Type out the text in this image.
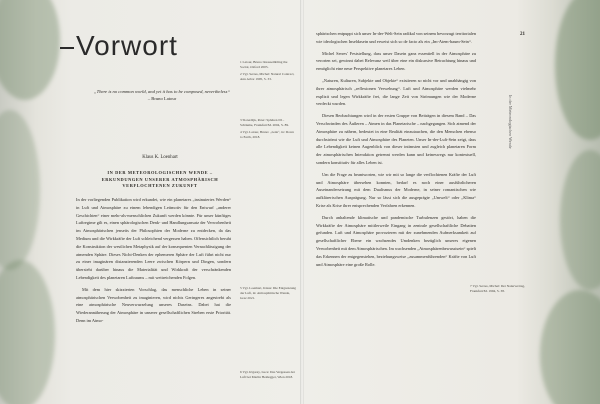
Vorwort
„There is no common world, and yet it has to be composed, nevertheless“
– Bruno Latour
Klaus K. Loenhart
IN DER METEOROLOGISCHEN WENDE – ERKUNDUNGEN UNSERER ATMOSPHÄRISCH VERFLOCHTENEN ZUKUNFT

In der vorliegenden Publikation wird erkundet, wie ein planetares „insinuiertes Werden“ in Luft und Atmosphäre zu einem lebendigen Leitmotiv für den Entwurf „anderer Geschichten“ einer mehr-als-menschlichen Zukunft werden könnte. Für unser künftiges Luftregime gilt es, einen sphärologischen Denk- und Handlungsansatz der Verwobenheit im Atmosphärischen jenseits der Philosophien der Moderne zu entdecken, da das Medium und die Wirkkräfte der Luft schleichend vergessen haben. Offensichtlich beruht die Konstruktion der westlichen Metaphysik auf der konsequenten Vernachlässigung der atmenden Sphäre. Dieses Nicht-Denken der ephemeren Sphäre der Luft führt nicht nur zu einer imaginären distanzierenden Leere zwischen Körpern und Dingen, sondern übersieht darüber hinaus die Materialität und Wirkkraft der verschränkenden Lebendigkeit des planetaren Luftraums – mit weitreichenden Folgen.

Mit dem hier skizzierten Vorschlag, das menschliche Leben in seiner atmosphärischen Verwobenheit zu imaginieren, wird nichts Geringeres angestrebt als eine atmosphärische Neuverwurzelung unseres Daseins. Dabei hat die Wiederannäherung der Atmosphäre in unserer gesellschaftlichen Streben erste Priorität. Denn im Atmo-

1 Latour, Bruno: Reassembling the Social, Oxford 2005.
2 Vgl. Serres, Michel: Natural Contract, Ann Arbor 1995, S. 33.
3 Sloterdijk, Peter: Sphären III – Schäume, Frankfurt/M. 2004, S. 89.
4 Vgl. Latour, Bruno: „Gaïa“, in: Down to Earth, 2018.
5 Vgl. Loenhart, Klaus: Die Entgrenzung der Luft, in: Atmosphärische Wende, Graz 2021.
6 Vgl. Irigaray, Luce: Das Vergessen der Luft bei Martin Heidegger, Wien 2018.

sphärischen entpuppt sich unser In-der-Welt-Sein radikal von seinem bevorzugt territorialen wie ideologischen Inseldasein und erweist sich so de facto als ein „Im-Atem-baum-Sein“.

Michel Serres' Feststellung, dass unser Dasein ganz essentiell in der Atmosphäre zu verorten sei, gewinnt dabei Relevanz weil über eine ein diskursive Betrachtung hinaus und ermöglicht eine neue Perspektive planetares Leben.

„Naturen, Kulturen, Subjekte und Objekte“ existieren so nicht vor und unabhängig von ihrer atmosphärisch „reflexionen Verwebung“. Luft und Atmosphäre werden vielmehr explizit und legen Wirkkräfte frei, die lange Zeit von Strömungen wie der Moderne verdeckt wurden.

Diesen Beobachtungen wird in der ersten Gruppe von Beiträgen in diesem Band – Das Verschwinden des Äußeren – Atmen in das Planetarische – nachgegangen. Sich atmend der Atmosphäre zu nähern, bedeutet in eine Realität einzutauchen, die den Menschen ebenso durchströmt wie die Luft und Atmosphäre des Planeten. Unser In-der-Luft-Sein zeigt, dass alle Lebendigkeit keinen Augenblick von dieser intimsten und zugleich planetaren Form der atmosphärischen Interaktion getrennt werden kann und keineswegs nur kontextuell, sondern konstitutiv für alles Leben ist.

Um die Frage zu beantworten, wie wir mit so lange die verflochtenen Kräfte der Luft und Atmosphäre übersehen konnten, bedarf es noch einer ausführlicheren Auseinandersetzung mit dem Dualismus der Moderne, in seiner romantischen wie aufklärerischen Ausprägung. Nur so lässt sich die ausgeprägte „Umwelt“ oder „Klima“ Krise als Krise ihrer entsprechenden Verfahren erkennen.

Durch anhaltende klimatische und pandemische Turbulenzen gestört, haben die Wirkkräfte der Atmosphäre mittlerweile Eingang in zentrale gesellschaftliche Debatten gefunden. Luft und Atmosphäre provozieren mit der zunehmenden Aufmerksamkeit auf gesellschaftlicher Ebene ein wachsendes Umdenken bezüglich unseres eigenen Verwobenheit mit dem Atmosphärischen. Im wachsenden „Atmosphärenbewusstsein“ spielt das Erkennen der entgegenstehen, beziehungsweise „zusammenführenden“ Kräfte von Luft und Atmosphäre eine große Rolle.

7 Vgl. Serres, Michel: Der Naturvertrag, Frankfurt/M. 1994, S. 38.
21
In der Meteorologischen Wende
